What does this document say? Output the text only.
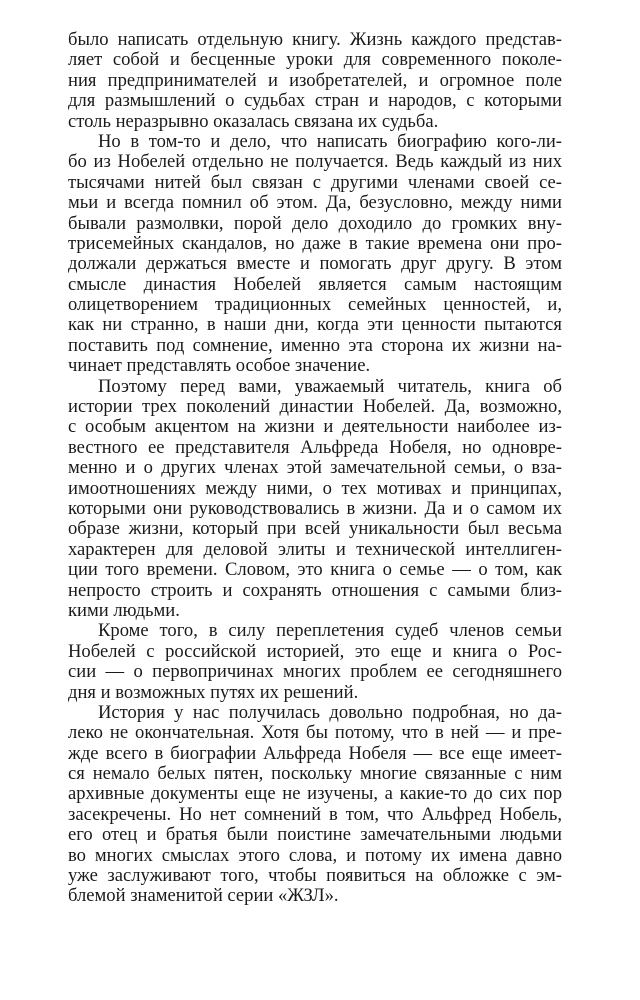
было написать отдельную книгу. Жизнь каждого представ-
ляет собой и бесценные уроки для современного поколе-
ния предпринимателей и изобретателей, и огромное поле
для размышлений о судьбах стран и народов, с которыми
столь неразрывно оказалась связана их судьба.
Но в том-то и дело, что написать биографию кого-ли-
бо из Нобелей отдельно не получается. Ведь каждый из них
тысячами нитей был связан с другими членами своей се-
мьи и всегда помнил об этом. Да, безусловно, между ними
бывали размолвки, порой дело доходило до громких вну-
трисемейных скандалов, но даже в такие времена они про-
должали держаться вместе и помогать друг другу. В этом
смысле династия Нобелей является самым настоящим
олицетворением традиционных семейных ценностей, и,
как ни странно, в наши дни, когда эти ценности пытаются
поставить под сомнение, именно эта сторона их жизни на-
чинает представлять особое значение.
Поэтому перед вами, уважаемый читатель, книга об
истории трех поколений династии Нобелей. Да, возможно,
с особым акцентом на жизни и деятельности наиболее из-
вестного ее представителя Альфреда Нобеля, но одновре-
менно и о других членах этой замечательной семьи, о вза-
имоотношениях между ними, о тех мотивах и принципах,
которыми они руководствовались в жизни. Да и о самом их
образе жизни, который при всей уникальности был весьма
характерен для деловой элиты и технической интеллиген-
ции того времени. Словом, это книга о семье — о том, как
непросто строить и сохранять отношения с самыми близ-
кими людьми.
Кроме того, в силу переплетения судеб членов семьи
Нобелей с российской историей, это еще и книга о Рос-
сии — о первопричинах многих проблем ее сегодняшнего
дня и возможных путях их решений.
История у нас получилась довольно подробная, но да-
леко не окончательная. Хотя бы потому, что в ней — и пре-
жде всего в биографии Альфреда Нобеля — все еще имеет-
ся немало белых пятен, поскольку многие связанные с ним
архивные документы еще не изучены, а какие-то до сих пор
засекречены. Но нет сомнений в том, что Альфред Нобель,
его отец и братья были поистине замечательными людьми
во многих смыслах этого слова, и потому их имена давно
уже заслуживают того, чтобы появиться на обложке с эм-
блемой знаменитой серии «ЖЗЛ».
